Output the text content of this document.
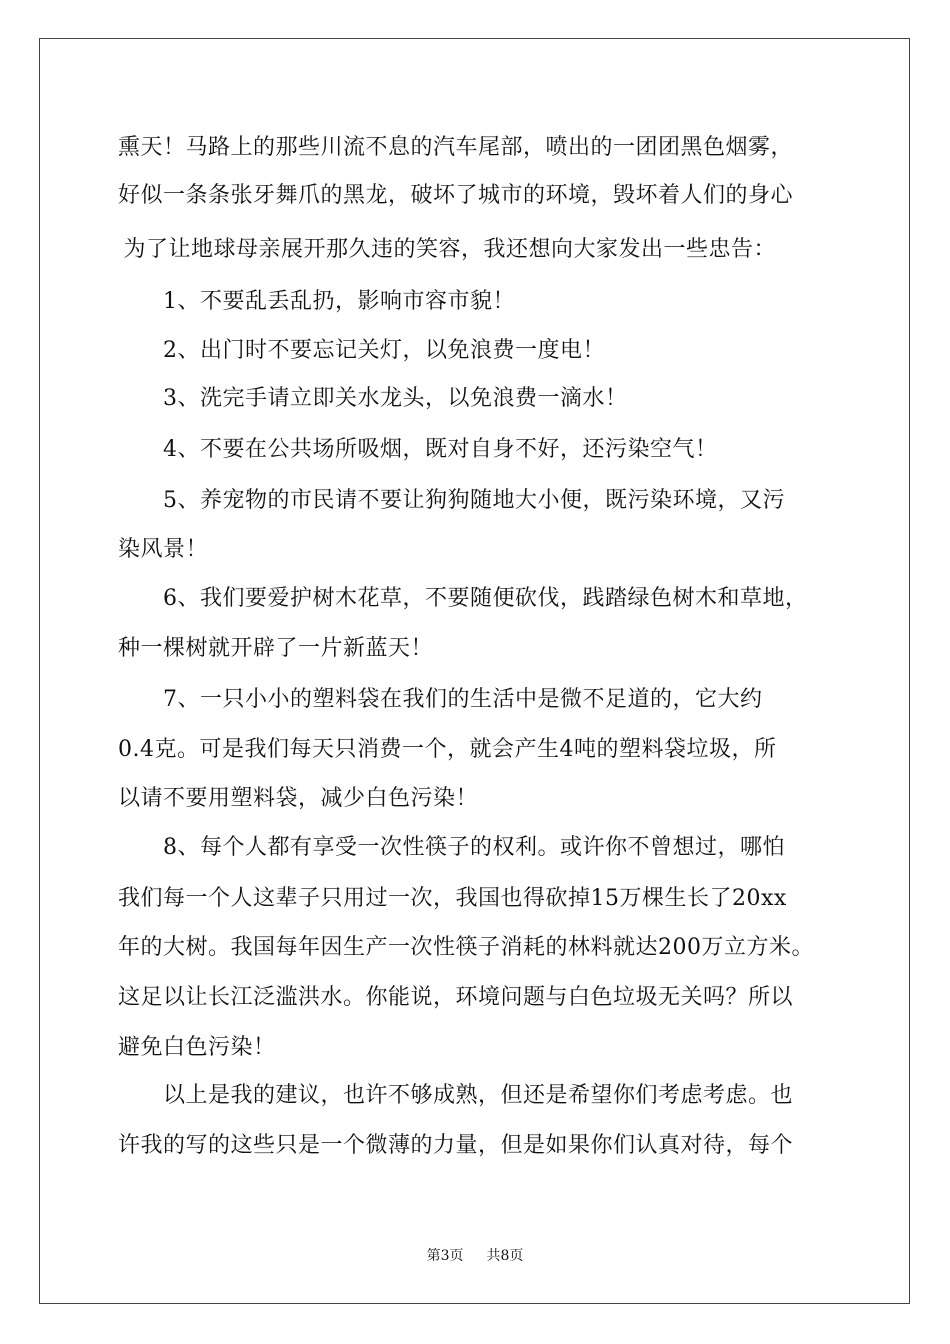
熏天！马路上的那些川流不息的汽车尾部，喷出的一团团黑色烟雾，
好似一条条张牙舞爪的黑龙，破坏了城市的环境，毁坏着人们的身心
为了让地球母亲展开那久违的笑容，我还想向大家发出一些忠告：
1、不要乱丢乱扔，影响市容市貌！
2、出门时不要忘记关灯，以免浪费一度电！
3、洗完手请立即关水龙头，以免浪费一滴水！
4、不要在公共场所吸烟，既对自身不好，还污染空气！
5、养宠物的市民请不要让狗狗随地大小便，既污染环境，又污
染风景！
6、我们要爱护树木花草，不要随便砍伐，践踏绿色树木和草地，
种一棵树就开辟了一片新蓝天！
7、一只小小的塑料袋在我们的生活中是微不足道的，它大约
0.4克。可是我们每天只消费一个，就会产生4吨的塑料袋垃圾，所
以请不要用塑料袋，减少白色污染！
8、每个人都有享受一次性筷子的权利。或许你不曾想过，哪怕
我们每一个人这辈子只用过一次，我国也得砍掉15万棵生长了20xx
年的大树。我国每年因生产一次性筷子消耗的林料就达200万立方米。
这足以让长江泛滥洪水。你能说，环境问题与白色垃圾无关吗？所以
避免白色污染！
以上是我的建议，也许不够成熟，但还是希望你们考虑考虑。也
许我的写的这些只是一个微薄的力量，但是如果你们认真对待，每个
第3页 共8页
